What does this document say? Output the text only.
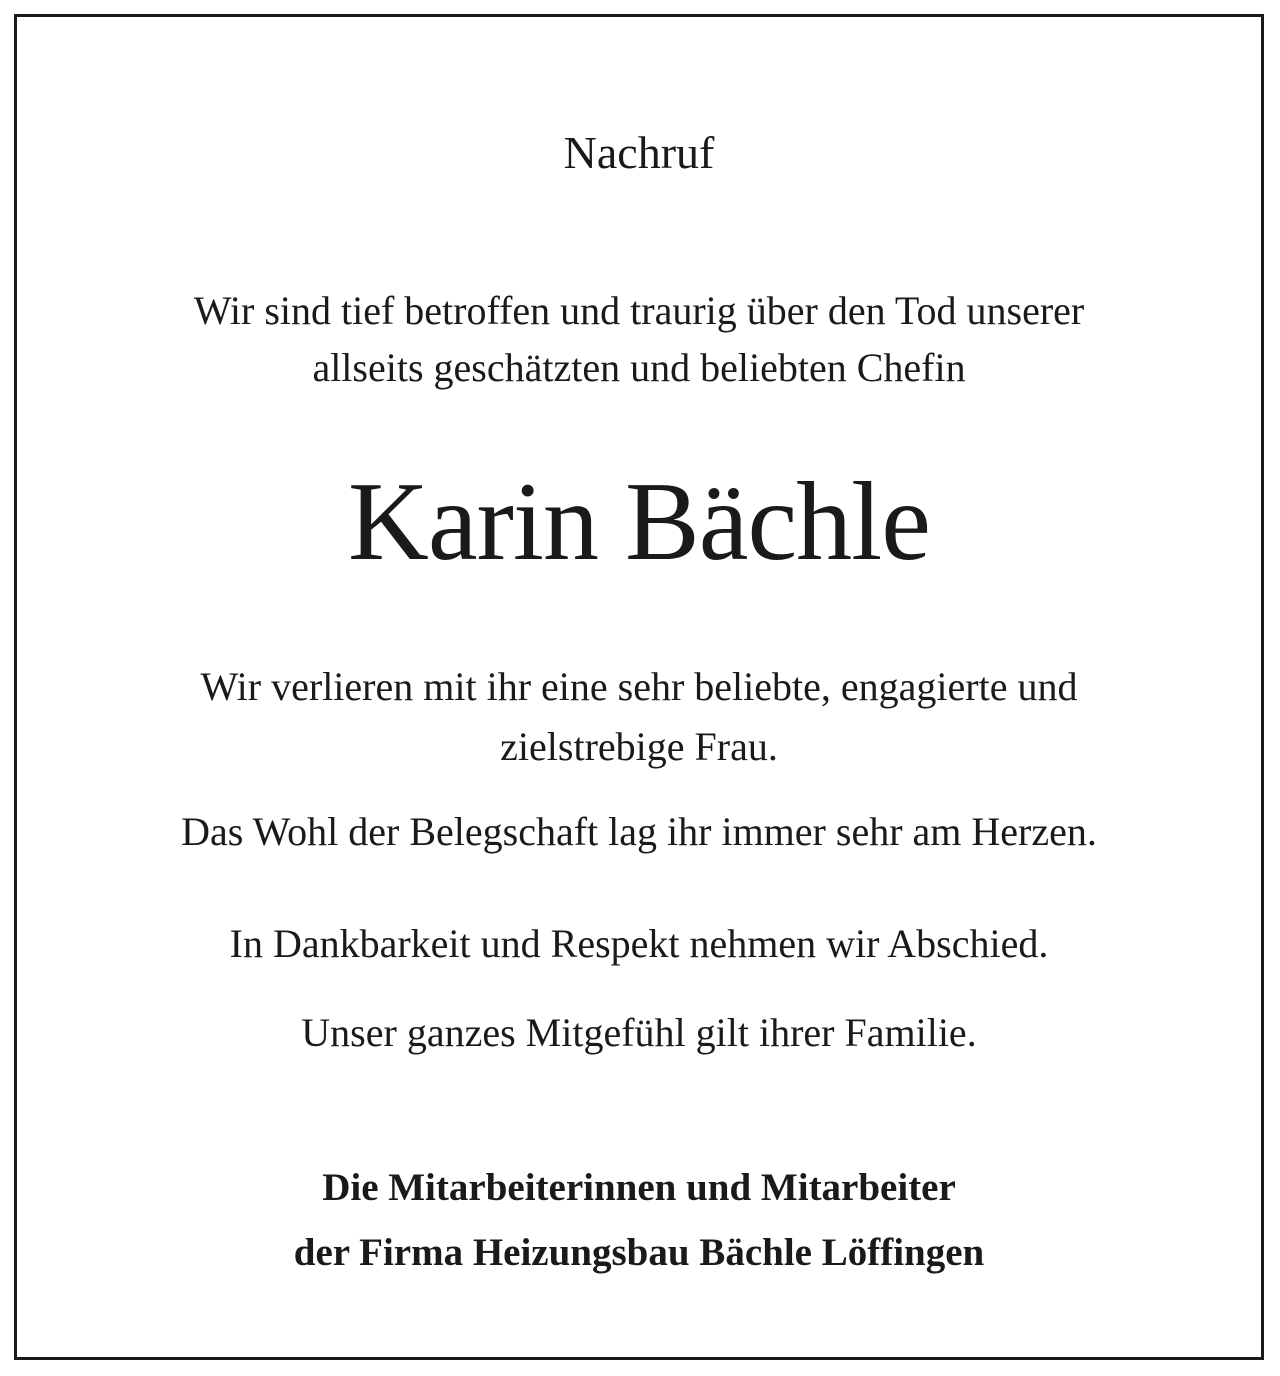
Nachruf
Wir sind tief betroffen und traurig über den Tod unserer
allseits geschätzten und beliebten Chefin
Karin Bächle
Wir verlieren mit ihr eine sehr beliebte, engagierte und
zielstrebige Frau.
Das Wohl der Belegschaft lag ihr immer sehr am Herzen.
In Dankbarkeit und Respekt nehmen wir Abschied.
Unser ganzes Mitgefühl gilt ihrer Familie.
Die Mitarbeiterinnen und Mitarbeiter
der Firma Heizungsbau Bächle Löffingen
